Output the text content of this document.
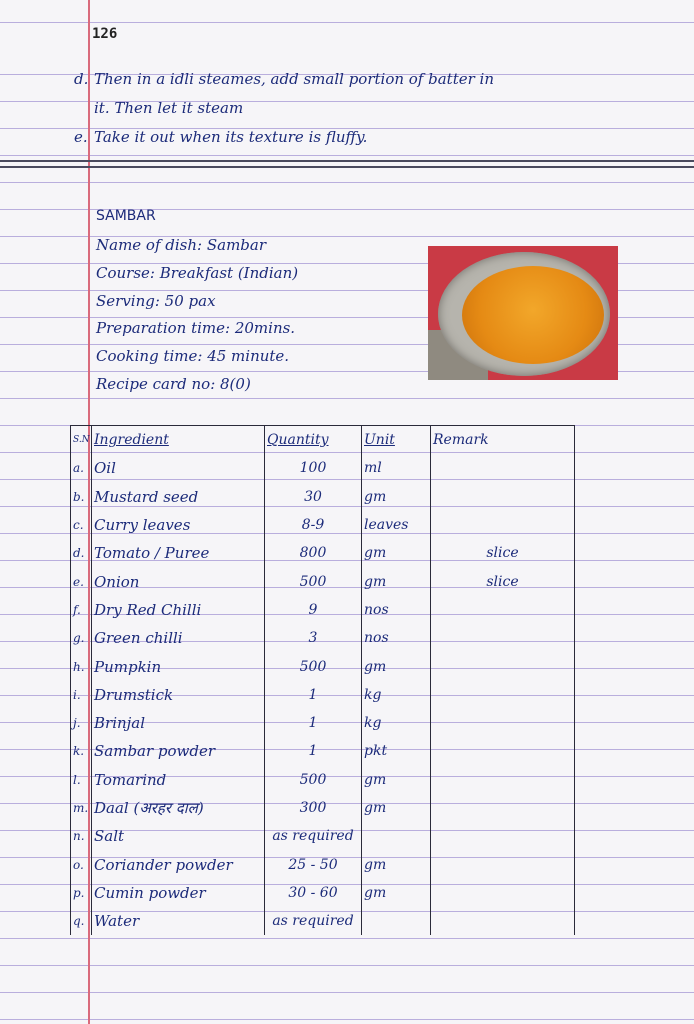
126
d. Then in a idli steames, add small portion of batter in
it. Then let it steam
e. Take it out when its texture is fluffy.
SAMBAR
Name of dish: Sambar
Course: Breakfast (Indian)
Serving: 50 pax
Preparation time: 20mins.
Cooking time: 45 minute.
Recipe card no: 8(0)
S.N	Ingredient	Quantity	Unit	Remark
a.	Oil	100	ml	
b.	Mustard seed	30	gm	
c.	Curry leaves	8-9	leaves	
d.	Tomato / Puree	800	gm	slice
e.	Onion	500	gm	slice
f.	Dry Red Chilli	9	nos	
g.	Green chilli	3	nos	
h.	Pumpkin	500	gm	
i.	Drumstick	1	kg	
j.	Brinjal	1	kg	
k.	Sambar powder	1	pkt	
l.	Tomarind	500	gm	
m.	Daal (अरहर दाल)	300	gm	
n.	Salt	as required		
o.	Coriander powder	25 - 50	gm	
p.	Cumin powder	30 - 60	gm	
q.	Water	as required		
